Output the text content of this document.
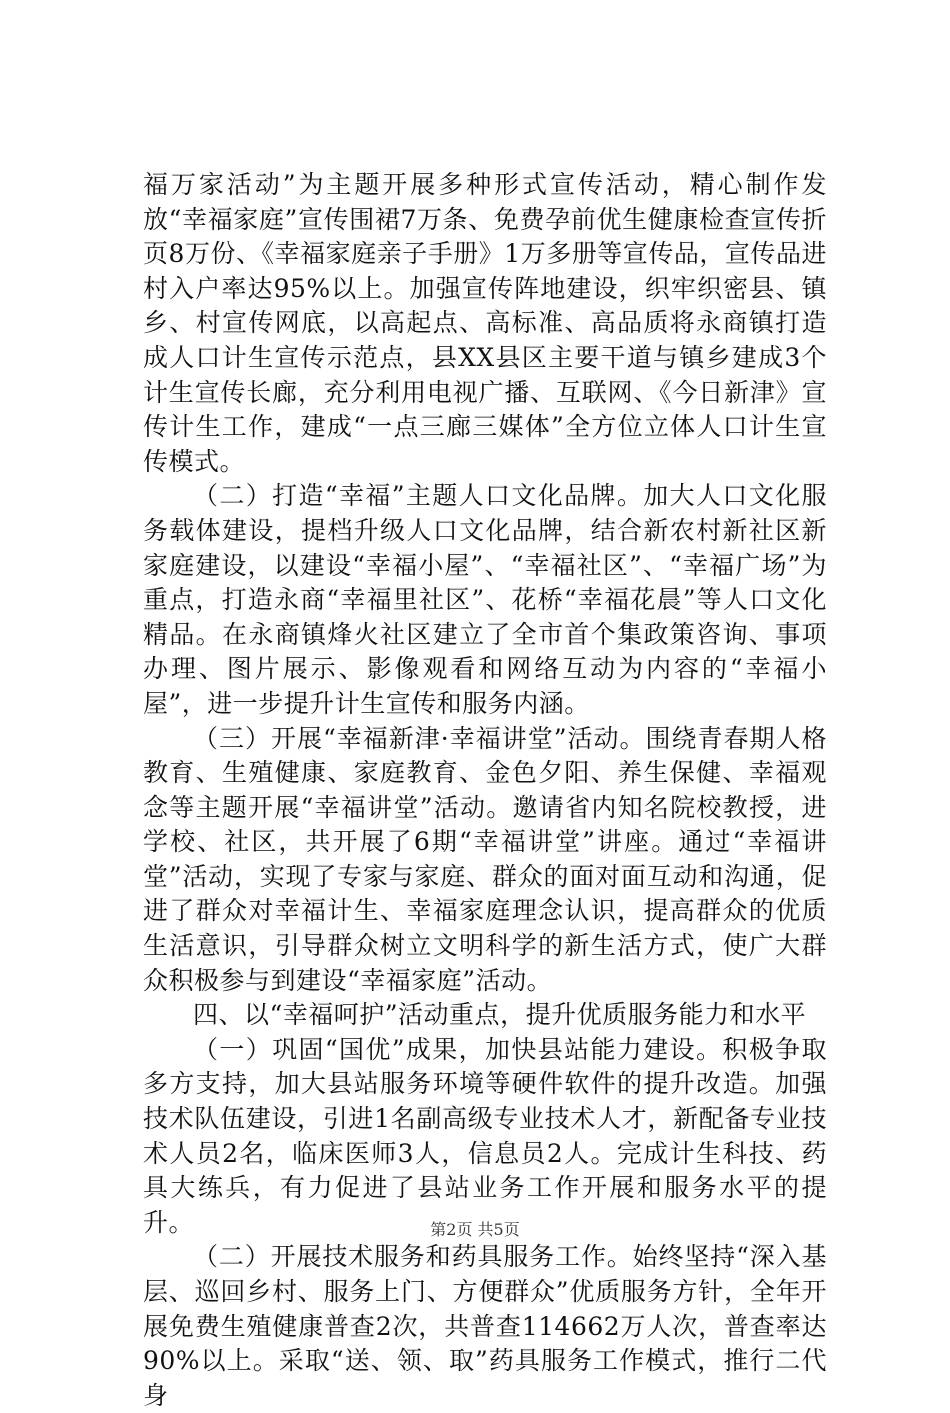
福万家活动”为主题开展多种形式宣传活动，精心制作发放“幸福家庭”宣传围裙7万条、免费孕前优生健康检查宣传折页8万份、《幸福家庭亲子手册》1万多册等宣传品，宣传品进村入户率达95%以上。加强宣传阵地建设，织牢织密县、镇乡、村宣传网底，以高起点、高标准、高品质将永商镇打造成人口计生宣传示范点，县XX县区主要干道与镇乡建成3个计生宣传长廊，充分利用电视广播、互联网、《今日新津》宣传计生工作，建成“一点三廊三媒体”全方位立体人口计生宣传模式。

（二）打造“幸福”主题人口文化品牌。加大人口文化服务载体建设，提档升级人口文化品牌，结合新农村新社区新家庭建设，以建设“幸福小屋”、“幸福社区”、“幸福广场”为重点，打造永商“幸福里社区”、花桥“幸福花晨”等人口文化精品。在永商镇烽火社区建立了全市首个集政策咨询、事项办理、图片展示、影像观看和网络互动为内容的“幸福小屋”，进一步提升计生宣传和服务内涵。

（三）开展“幸福新津·幸福讲堂”活动。围绕青春期人格教育、生殖健康、家庭教育、金色夕阳、养生保健、幸福观念等主题开展“幸福讲堂”活动。邀请省内知名院校教授，进学校、社区，共开展了6期“幸福讲堂”讲座。通过“幸福讲堂”活动，实现了专家与家庭、群众的面对面互动和沟通，促进了群众对幸福计生、幸福家庭理念认识，提高群众的优质生活意识，引导群众树立文明科学的新生活方式，使广大群众积极参与到建设“幸福家庭”活动。

四、以“幸福呵护”活动重点，提升优质服务能力和水平

（一）巩固“国优”成果，加快县站能力建设。积极争取多方支持，加大县站服务环境等硬件软件的提升改造。加强技术队伍建设，引进1名副高级专业技术人才，新配备专业技术人员2名，临床医师3人，信息员2人。完成计生科技、药具大练兵，有力促进了县站业务工作开展和服务水平的提升。

（二）开展技术服务和药具服务工作。始终坚持“深入基层、巡回乡村、服务上门、方便群众”优质服务方针，全年开展免费生殖健康普查2次，共普查114662万人次，普查率达90%以上。采取“送、领、取”药具服务工作模式，推行二代身

第2页 共5页
